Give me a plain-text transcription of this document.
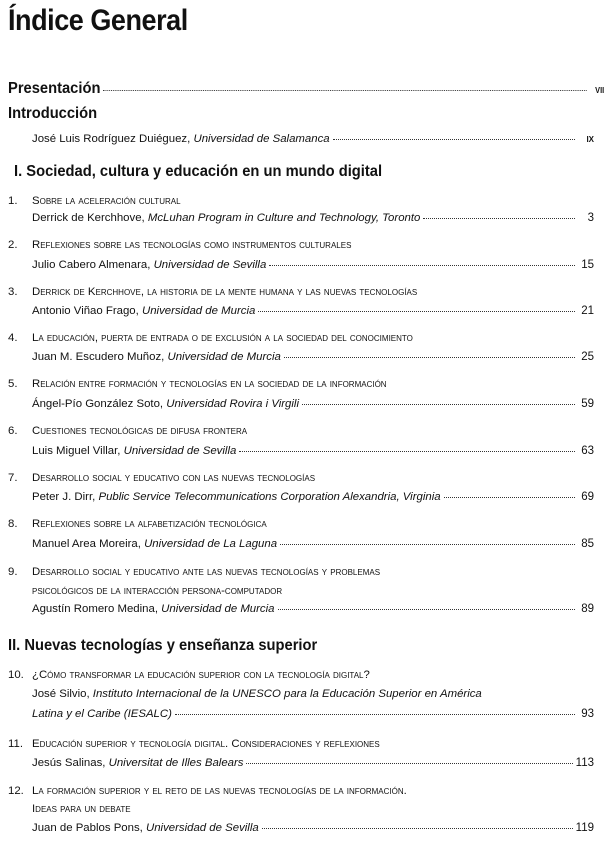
Índice General
Presentación	VII
Introducción
José Luis Rodríguez Duiéguez, Universidad de Salamanca	IX
I. Sociedad, cultura y educación en un mundo digital
1. Sobre la aceleración cultural
Derrick de Kerchhove, McLuhan Program in Culture and Technology, Toronto	3
2. Reflexiones sobre las tecnologías como instrumentos culturales
Julio Cabero Almenara, Universidad de Sevilla	15
3. Derrick de Kerchhove, la historia de la mente humana y las nuevas tecnologías
Antonio Viñao Frago, Universidad de Murcia	21
4. La educación, puerta de entrada o de exclusión a la sociedad del conocimiento
Juan M. Escudero Muñoz, Universidad de Murcia	25
5. Relación entre formación y tecnologías en la sociedad de la información
Ángel-Pío González Soto, Universidad Rovira i Virgili	59
6. Cuestiones tecnológicas de difusa frontera
Luis Miguel Villar, Universidad de Sevilla	63
7. Desarrollo social y educativo con las nuevas tecnologías
Peter J. Dirr, Public Service Telecommunications Corporation Alexandria, Virginia	69
8. Reflexiones sobre la alfabetización tecnológica
Manuel Area Moreira, Universidad de La Laguna	85
9. Desarrollo social y educativo ante las nuevas tecnologías y problemas
psicológicos de la interacción persona-computador
Agustín Romero Medina, Universidad de Murcia	89
II. Nuevas tecnologías y enseñanza superior
10. ¿Cómo transformar la educación superior con la tecnología digital?
José Silvio, Instituto Internacional de la UNESCO para la Educación Superior en América
Latina y el Caribe (IESALC)	93
11. Educación superior y tecnología digital. Consideraciones y reflexiones
Jesús Salinas, Universitat de Illes Balears	113
12. La formación superior y el reto de las nuevas tecnologías de la información.
Ideas para un debate
Juan de Pablos Pons, Universidad de Sevilla	119
